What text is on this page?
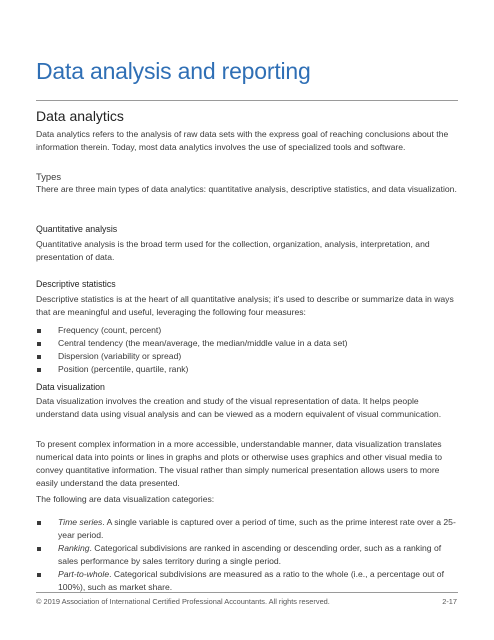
Data analysis and reporting
Data analytics

Data analytics refers to the analysis of raw data sets with the express goal of reaching conclusions about the information therein. Today, most data analytics involves the use of specialized tools and software.

Types

There are three main types of data analytics: quantitative analysis, descriptive statistics, and data visualization.

Quantitative analysis

Quantitative analysis is the broad term used for the collection, organization, analysis, interpretation, and presentation of data.

Descriptive statistics

Descriptive statistics is at the heart of all quantitative analysis; it’s used to describe or summarize data in ways that are meaningful and useful, leveraging the following four measures:

Frequency (count, percent)
Central tendency (the mean/average, the median/middle value in a data set)
Dispersion (variability or spread)
Position (percentile, quartile, rank)
Data visualization

Data visualization involves the creation and study of the visual representation of data. It helps people understand data using visual analysis and can be viewed as a modern equivalent of visual communication.

To present complex information in a more accessible, understandable manner, data visualization translates numerical data into points or lines in graphs and plots or otherwise uses graphics and other visual media to convey quantitative information. The visual rather than simply numerical presentation allows users to more easily understand the data presented.

The following are data visualization categories:

Time series. A single variable is captured over a period of time, such as the prime interest rate over a 25-year period.
Ranking. Categorical subdivisions are ranked in ascending or descending order, such as a ranking of sales performance by sales territory during a single period.
Part-to-whole. Categorical subdivisions are measured as a ratio to the whole (i.e., a percentage out of 100%), such as market share.
© 2019 Association of International Certified Professional Accountants. All rights reserved.	2-17
